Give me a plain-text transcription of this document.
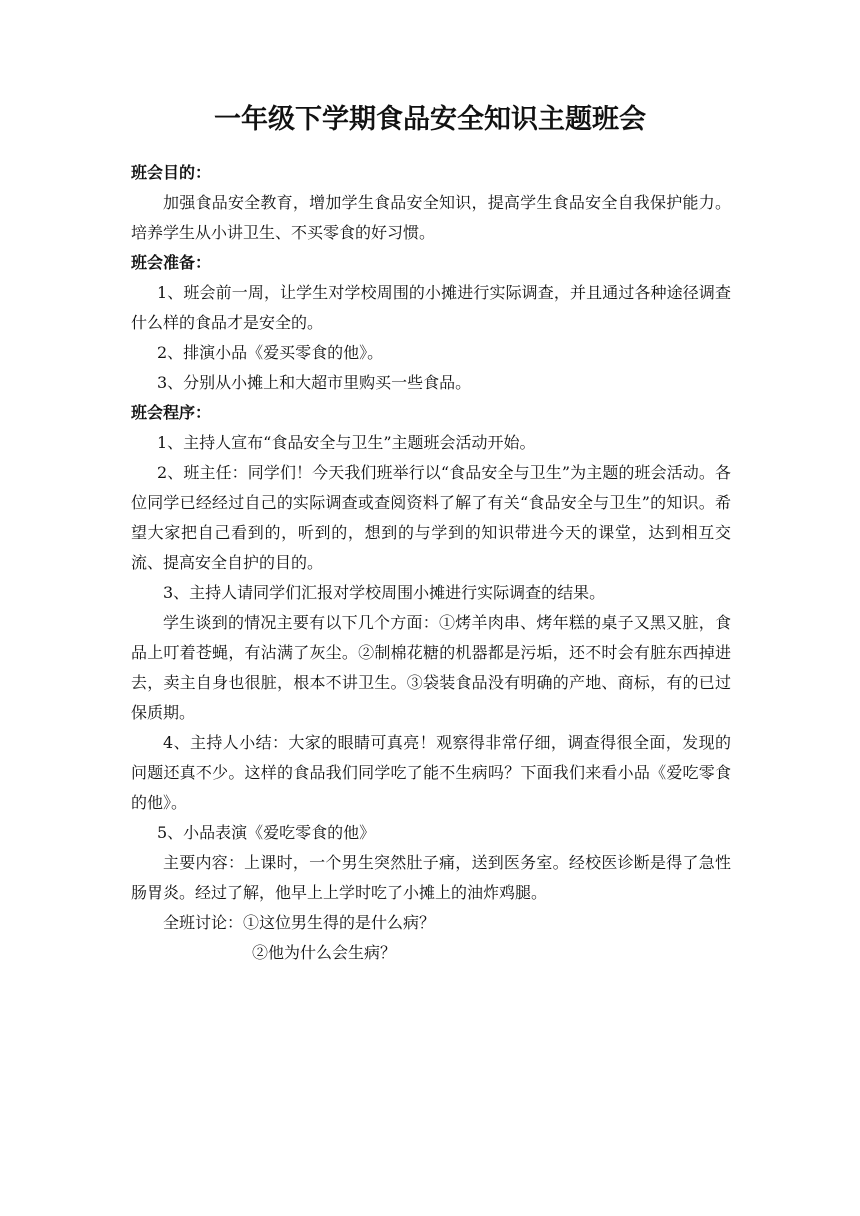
一年级下学期食品安全知识主题班会

班会目的：

加强食品安全教育，增加学生食品安全知识，提高学生食品安全自我保护能力。培养学生从小讲卫生、不买零食的好习惯。

班会准备：

1、班会前一周，让学生对学校周围的小摊进行实际调查，并且通过各种途径调查什么样的食品才是安全的。

2、排演小品《爱买零食的他》。

3、分别从小摊上和大超市里购买一些食品。

班会程序：

1、主持人宣布“食品安全与卫生”主题班会活动开始。

2、班主任：同学们！今天我们班举行以“食品安全与卫生”为主题的班会活动。各位同学已经经过自己的实际调查或查阅资料了解了有关“食品安全与卫生”的知识。希望大家把自己看到的，听到的，想到的与学到的知识带进今天的课堂，达到相互交流、提高安全自护的目的。

3、主持人请同学们汇报对学校周围小摊进行实际调查的结果。

学生谈到的情况主要有以下几个方面：①烤羊肉串、烤年糕的桌子又黑又脏，食品上叮着苍蝇，有沾满了灰尘。②制棉花糖的机器都是污垢，还不时会有脏东西掉进去，卖主自身也很脏，根本不讲卫生。③袋装食品没有明确的产地、商标，有的已过保质期。

4、主持人小结：大家的眼睛可真亮！观察得非常仔细，调查得很全面，发现的问题还真不少。这样的食品我们同学吃了能不生病吗？下面我们来看小品《爱吃零食的他》。

5、小品表演《爱吃零食的他》

主要内容：上课时，一个男生突然肚子痛，送到医务室。经校医诊断是得了急性肠胃炎。经过了解，他早上上学时吃了小摊上的油炸鸡腿。

全班讨论：①这位男生得的是什么病？

②他为什么会生病？
